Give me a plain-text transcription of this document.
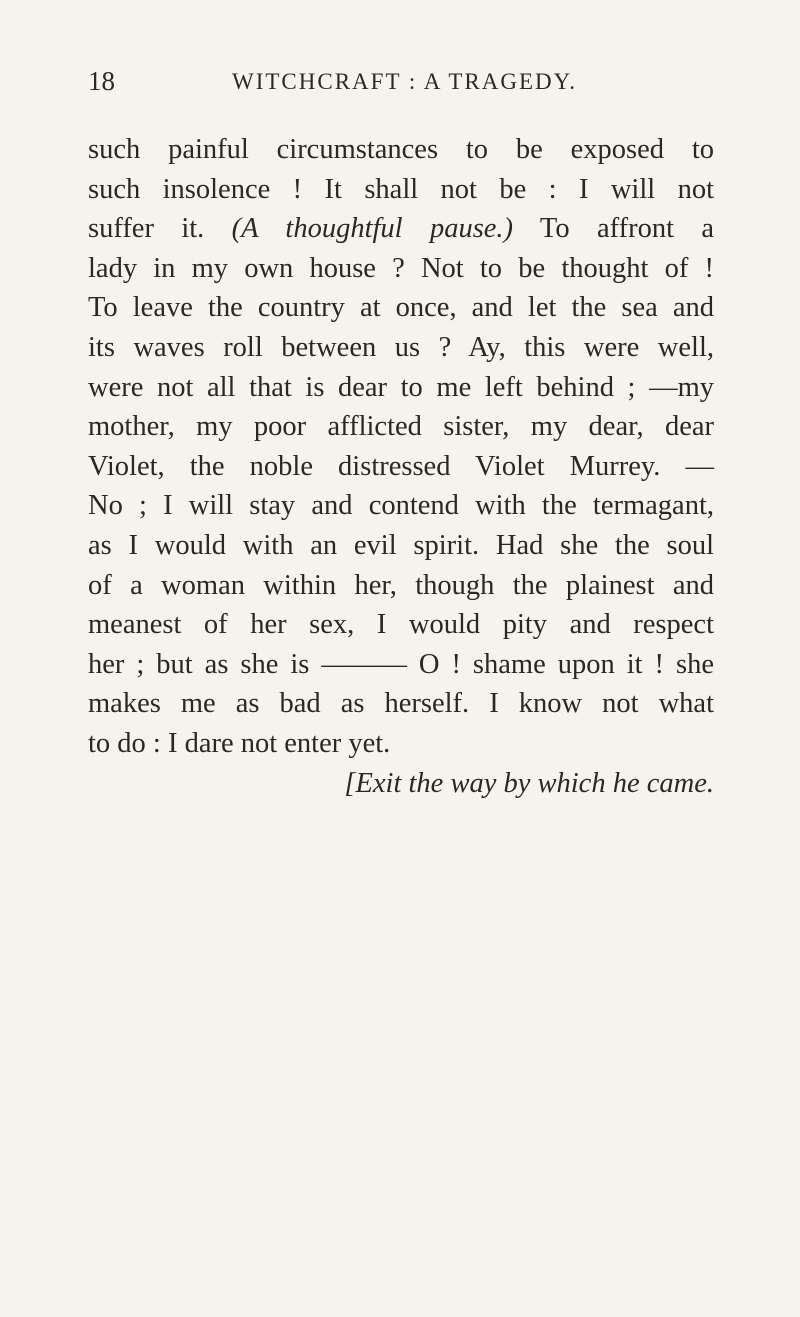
18	WITCHCRAFT : A TRAGEDY.
such painful circumstances to be exposed to
such insolence ! It shall not be : I will not
suffer it. (A thoughtful pause.) To affront a
lady in my own house ? Not to be thought of !
To leave the country at once, and let the sea and
its waves roll between us ? Ay, this were well,
were not all that is dear to me left behind ; —my
mother, my poor afflicted sister, my dear, dear
Violet, the noble distressed Violet Murrey. —
No ; I will stay and contend with the termagant,
as I would with an evil spirit. Had she the soul
of a woman within her, though the plainest and
meanest of her sex, I would pity and respect
her ; but as she is ——— O ! shame upon it ! she
makes me as bad as herself. I know not what
to do : I dare not enter yet.
[Exit the way by which he came.
